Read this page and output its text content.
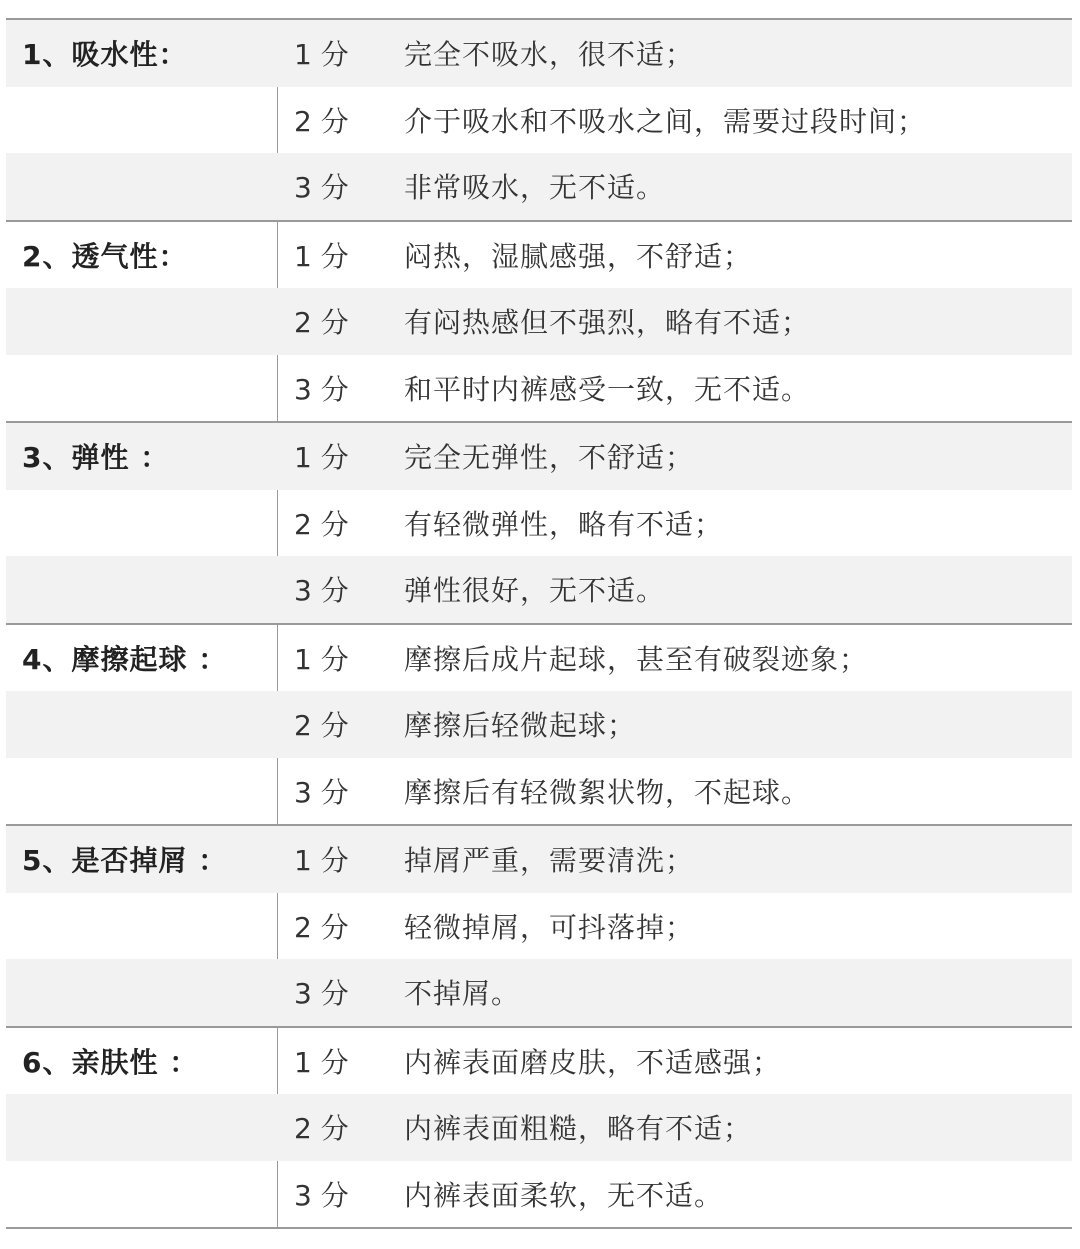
1、吸水性：	1 分	完全不吸水，很不适；
2 分	介于吸水和不吸水之间，需要过段时间；
3 分	非常吸水，无不适。
2、透气性：	1 分	闷热，湿腻感强，不舒适；
2 分	有闷热感但不强烈，略有不适；
3 分	和平时内裤感受一致，无不适。
3、弹性 ：	1 分	完全无弹性，不舒适；
2 分	有轻微弹性，略有不适；
3 分	弹性很好，无不适。
4、摩擦起球 ：	1 分	摩擦后成片起球，甚至有破裂迹象；
2 分	摩擦后轻微起球；
3 分	摩擦后有轻微絮状物，不起球。
5、是否掉屑 ：	1 分	掉屑严重，需要清洗；
2 分	轻微掉屑，可抖落掉；
3 分	不掉屑。
6、亲肤性 ：	1 分	内裤表面磨皮肤，不适感强；
2 分	内裤表面粗糙，略有不适；
3 分	内裤表面柔软，无不适。
